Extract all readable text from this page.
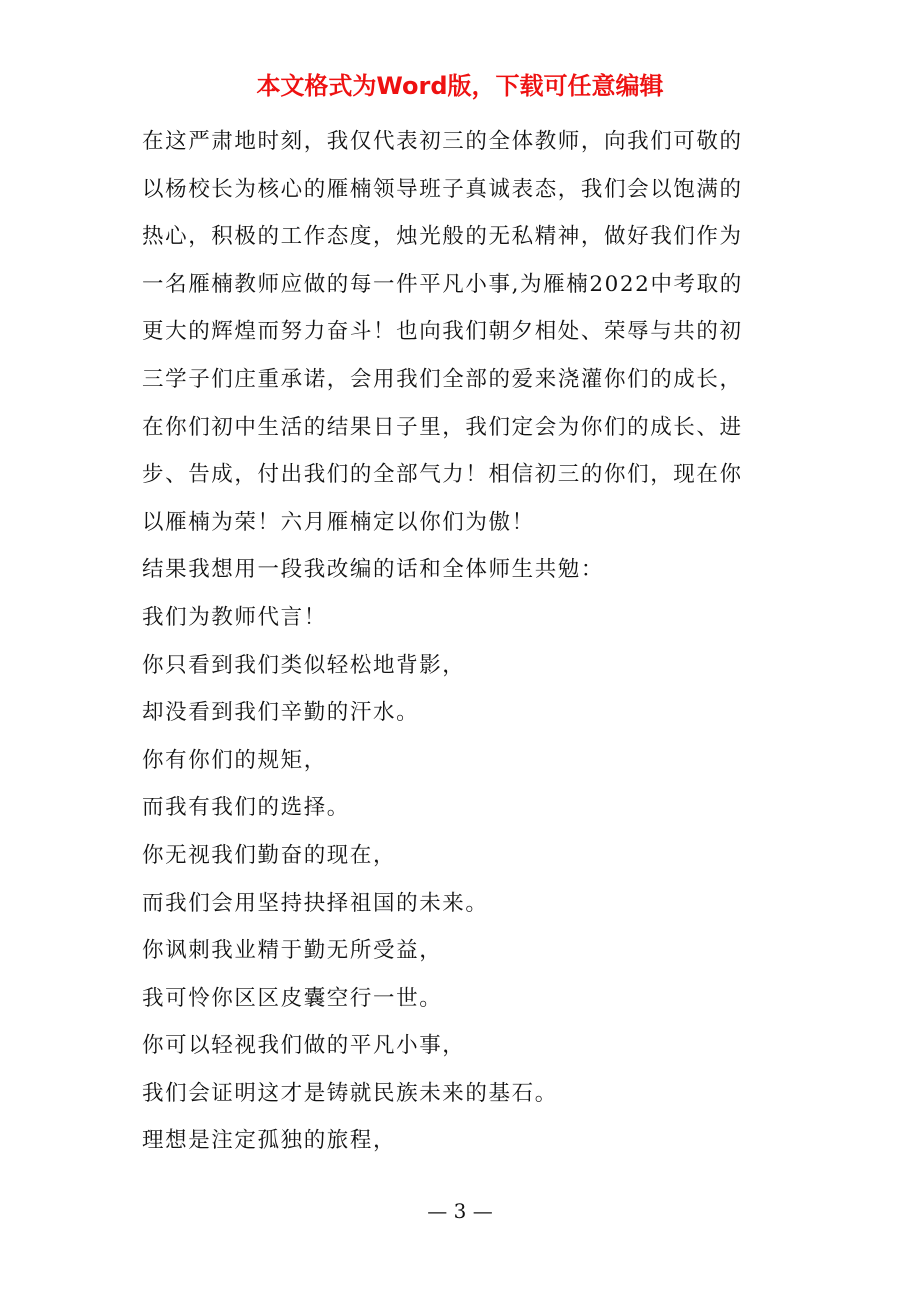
本文格式为Word版，下载可任意编辑
在这严肃地时刻，我仅代表初三的全体教师，向我们可敬的
以杨校长为核心的雁楠领导班子真诚表态，我们会以饱满的
热心，积极的工作态度，烛光般的无私精神，做好我们作为
一名雁楠教师应做的每一件平凡小事,为雁楠2022中考取的
更大的辉煌而努力奋斗！也向我们朝夕相处、荣辱与共的初
三学子们庄重承诺，会用我们全部的爱来浇灌你们的成长，
在你们初中生活的结果日子里，我们定会为你们的成长、进
步、告成，付出我们的全部气力！相信初三的你们，现在你
以雁楠为荣！六月雁楠定以你们为傲！
结果我想用一段我改编的话和全体师生共勉：
我们为教师代言！
你只看到我们类似轻松地背影，
却没看到我们辛勤的汗水。
你有你们的规矩，
而我有我们的选择。
你无视我们勤奋的现在，
而我们会用坚持抉择祖国的未来。
你讽刺我业精于勤无所受益，
我可怜你区区皮囊空行一世。
你可以轻视我们做的平凡小事，
我们会证明这才是铸就民族未来的基石。
理想是注定孤独的旅程，
— 3 —
